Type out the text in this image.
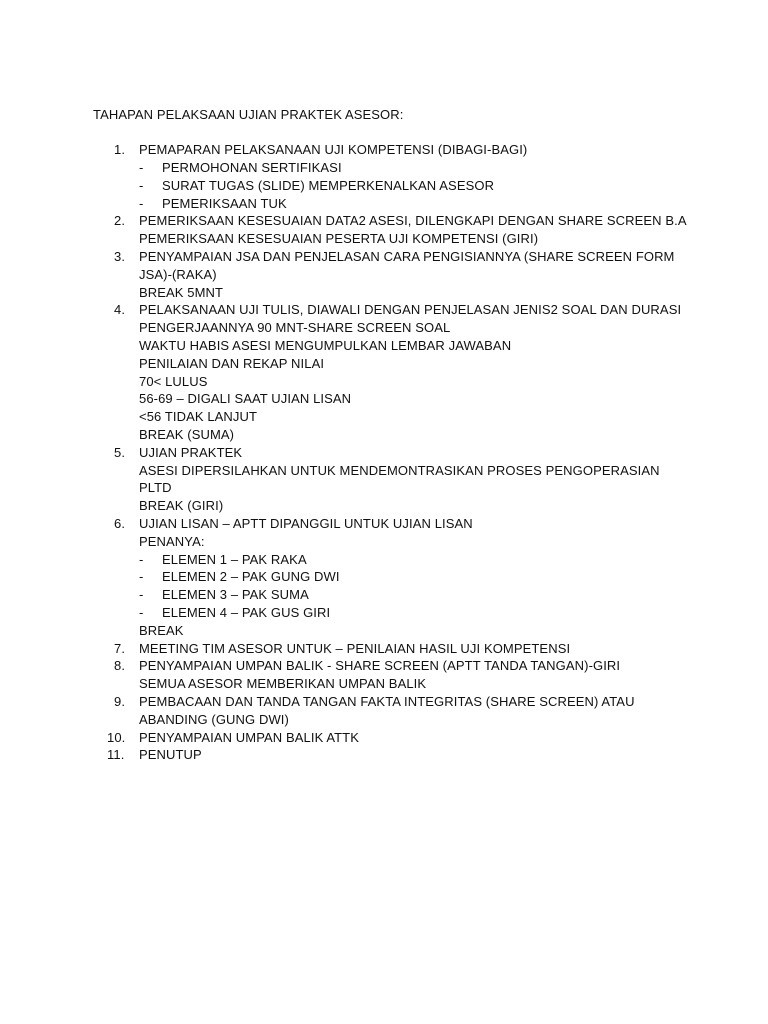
TAHAPAN PELAKSAAN UJIAN PRAKTEK ASESOR:
1. PEMAPARAN PELAKSANAAN UJI KOMPETENSI (DIBAGI-BAGI)
- PERMOHONAN SERTIFIKASI
- SURAT TUGAS (SLIDE) MEMPERKENALKAN ASESOR
- PEMERIKSAAN TUK
2. PEMERIKSAAN KESESUAIAN DATA2 ASESI, DILENGKAPI DENGAN SHARE SCREEN B.A
PEMERIKSAAN KESESUAIAN PESERTA UJI KOMPETENSI (GIRI)
3. PENYAMPAIAN JSA DAN PENJELASAN CARA PENGISIANNYA (SHARE SCREEN FORM
JSA)-(RAKA)
BREAK 5MNT
4. PELAKSANAAN UJI TULIS, DIAWALI DENGAN PENJELASAN JENIS2 SOAL DAN DURASI
PENGERJAANNYA 90 MNT-SHARE SCREEN SOAL
WAKTU HABIS ASESI MENGUMPULKAN LEMBAR JAWABAN
PENILAIAN DAN REKAP NILAI
70< LULUS
56-69 – DIGALI SAAT UJIAN LISAN
<56 TIDAK LANJUT
BREAK (SUMA)
5. UJIAN PRAKTEK
ASESI DIPERSILAHKAN UNTUK MENDEMONTRASIKAN PROSES PENGOPERASIAN PLTD
BREAK (GIRI)
6. UJIAN LISAN – APTT DIPANGGIL UNTUK UJIAN LISAN
PENANYA:
- ELEMEN 1 – PAK RAKA
- ELEMEN 2 – PAK GUNG DWI
- ELEMEN 3 – PAK SUMA
- ELEMEN 4 – PAK GUS GIRI
BREAK
7. MEETING TIM ASESOR UNTUK – PENILAIAN HASIL UJI KOMPETENSI
8. PENYAMPAIAN UMPAN BALIK - SHARE SCREEN (APTT TANDA TANGAN)-GIRI
SEMUA ASESOR MEMBERIKAN UMPAN BALIK
9. PEMBACAAN DAN TANDA TANGAN FAKTA INTEGRITAS (SHARE SCREEN) ATAU
ABANDING (GUNG DWI)
10. PENYAMPAIAN UMPAN BALIK ATTK
11. PENUTUP
